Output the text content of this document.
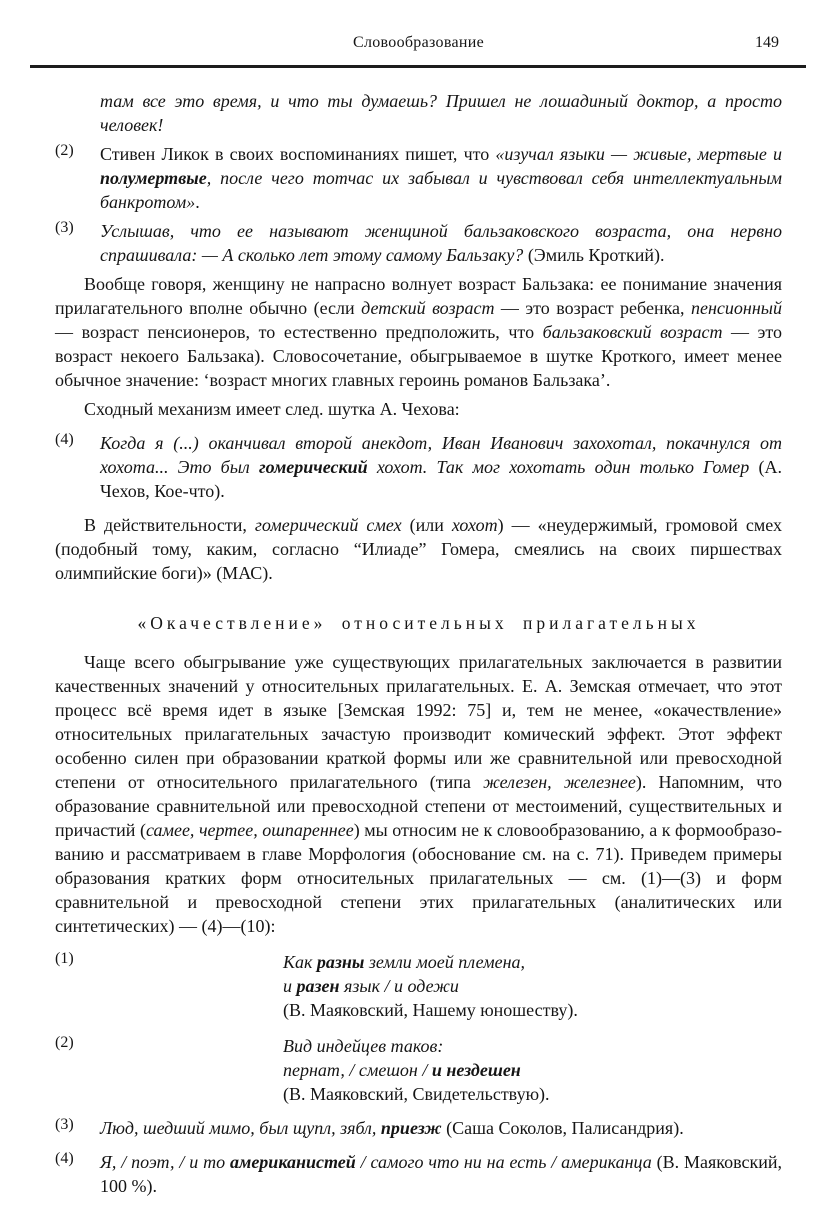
Словообразование	149
там все это время, и что ты думаешь? Пришел не лошадиный доктор, а просто человек!
(2)	Стивен Ликок в своих воспоминаниях пишет, что «изучал языки — живые, мертвые и полумертвые, после чего тотчас их забывал и чувствовал себя интеллектуальным банкротом».
(3)	Услышав, что ее называют женщиной бальзаковского возраста, она нервно спрашивала: — А сколько лет этому самому Бальзаку? (Эмиль Кроткий).
Вообще говоря, женщину не напрасно волнует возраст Бальзака: ее понимание значения прилагательного вполне обычно (если детский возраст — это возраст ребенка, пенсионный — возраст пенсионеров, то естественно предположить, что бальзаковский возраст — это возраст некоего Бальзака). Словосочетание, обыгрываемое в шутке Кроткого, имеет менее обычное значение: ‘возраст многих главных героинь романов Бальзака’.
Сходный механизм имеет след. шутка А. Чехова:
(4)	Когда я (...) оканчивал второй анекдот, Иван Иванович захохотал, покачнулся от хохота... Это был гомерический хохот. Так мог хохотать один только Гомер (А. Чехов, Кое-что).
В действительности, гомерический смех (или хохот) — «неудержимый, громовой смех (подобный тому, каким, согласно “Илиаде” Гомера, смеялись на своих пиршествах олимпийские боги)» (МАС).
«Окачествление» относительных прилагательных
Чаще всего обыгрывание уже существующих прилагательных заключается в развитии качественных значений у относительных прилагательных. Е. А. Земская отмечает, что этот процесс всё время идет в языке [Земская 1992: 75] и, тем не менее, «окачествление» относительных прилагательных зачастую производит комический эффект. Этот эффект особенно силен при образовании краткой формы или же сравнительной или превосходной степени от относительного прилагательного (типа железен, железнее). Напомним, что образование сравнительной или превосходной степени от местоимений, существительных и причастий (самее, чертее, ошпареннее) мы относим не к словообразованию, а к формообразованию и рассматриваем в главе Морфология (обоснование см. на с. 71). Приведем примеры образования кратких форм относительных прилагательных — см. (1)—(3) и форм сравнительной и превосходной степени этих прилагательных (аналитических или синтетических) — (4)—(10):
(1)	Как разны земли моей племена,
и разен язык / и одежи
(В. Маяковский, Нашему юношеству).
(2)	Вид индейцев таков:
пернат, / смешон / и нездешен
(В. Маяковский, Свидетельствую).
(3)	Люд, шедший мимо, был щупл, зябл, приезж (Саша Соколов, Палисандрия).
(4)	Я, / поэт, / и то американистей / самого что ни на есть / американца (В. Маяковский, 100 %).
